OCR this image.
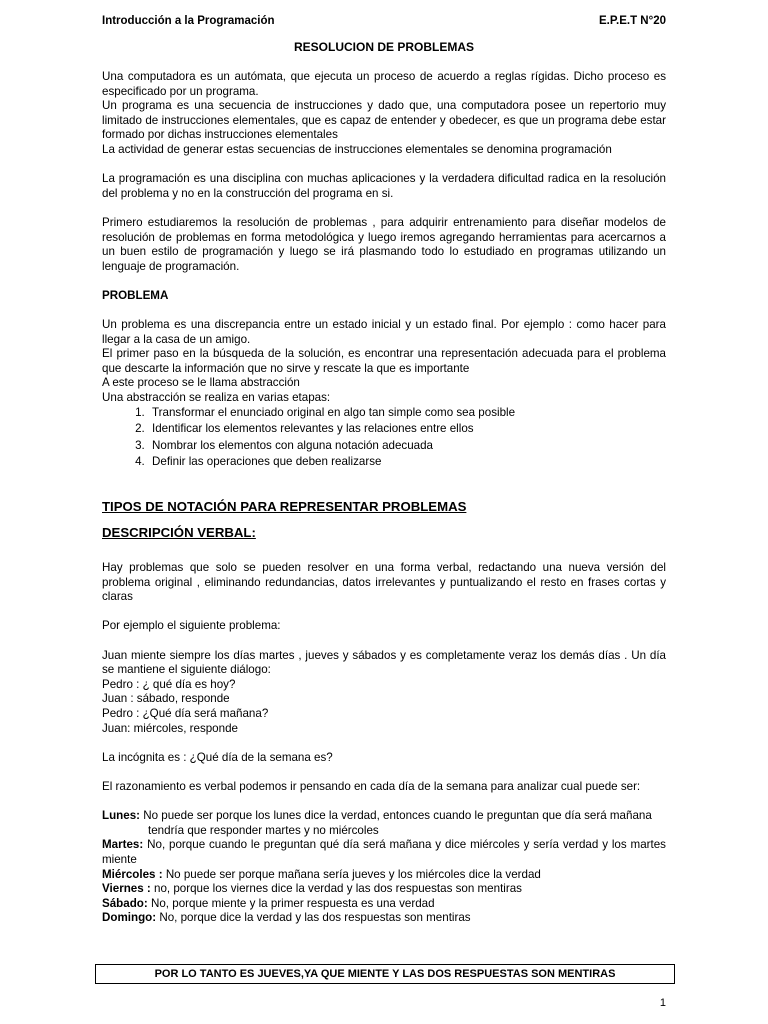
Introducción a la Programación	E.P.E.T N°20
RESOLUCION DE PROBLEMAS

Una computadora es un autómata, que ejecuta un proceso de acuerdo a reglas rígidas. Dicho proceso es especificado por un programa.

Un programa es una secuencia de instrucciones y dado que, una computadora posee un repertorio muy limitado de instrucciones elementales, que es capaz de entender y obedecer, es que un programa debe estar formado por dichas instrucciones elementales

La actividad de generar estas secuencias de instrucciones elementales se denomina programación

La programación es una disciplina con muchas aplicaciones y la verdadera dificultad radica en la resolución del problema y no en la construcción del programa en si.

Primero estudiaremos la resolución de problemas , para adquirir entrenamiento para diseñar modelos de resolución de problemas en forma metodológica y luego iremos agregando herramientas para acercarnos a un buen estilo de programación y luego se irá plasmando todo lo estudiado en programas utilizando un lenguaje de programación.

PROBLEMA

Un problema es una discrepancia entre un estado inicial y un estado final. Por ejemplo : como hacer para llegar a la casa de un amigo.

El primer paso en la búsqueda de la solución, es encontrar una representación adecuada para el problema que descarte la información que no sirve y rescate la que es importante

A este proceso se le llama abstracción

Una abstracción se realiza en varias etapas:

1. Transformar el enunciado original en algo tan simple como sea posible
2. Identificar los elementos relevantes y las relaciones entre ellos
3. Nombrar los elementos con alguna notación adecuada
4. Definir las operaciones que deben realizarse

TIPOS DE NOTACIÓN PARA REPRESENTAR PROBLEMAS

DESCRIPCIÓN VERBAL:

Hay problemas que solo se pueden resolver en una forma verbal, redactando una nueva versión del problema original , eliminando redundancias, datos irrelevantes y puntualizando el resto en frases cortas y claras

Por ejemplo el siguiente problema:

Juan miente siempre los días martes , jueves y sábados y es completamente veraz los demás días . Un día se mantiene el siguiente diálogo:

Pedro : ¿ qué día es hoy?

Juan : sábado, responde

Pedro : ¿Qué día será mañana?

Juan: miércoles, responde

La incógnita es : ¿Qué día de la semana es?

El razonamiento es verbal podemos ir pensando en cada día de la semana para analizar cual puede ser:

Lunes: No puede ser porque los lunes dice la verdad, entonces cuando le preguntan que día será mañana

tendría que responder martes y no miércoles

Martes: No, porque cuando le preguntan qué día será mañana y dice miércoles y sería verdad y los martes miente

Miércoles : No puede ser porque mañana sería jueves y los miércoles dice la verdad

Viernes : no, porque los viernes dice la verdad y las dos respuestas son mentiras

Sábado: No, porque miente y la primer respuesta es una verdad

Domingo: No, porque dice la verdad y las dos respuestas son mentiras

POR LO TANTO ES JUEVES,YA QUE MIENTE Y LAS DOS RESPUESTAS SON MENTIRAS
1
